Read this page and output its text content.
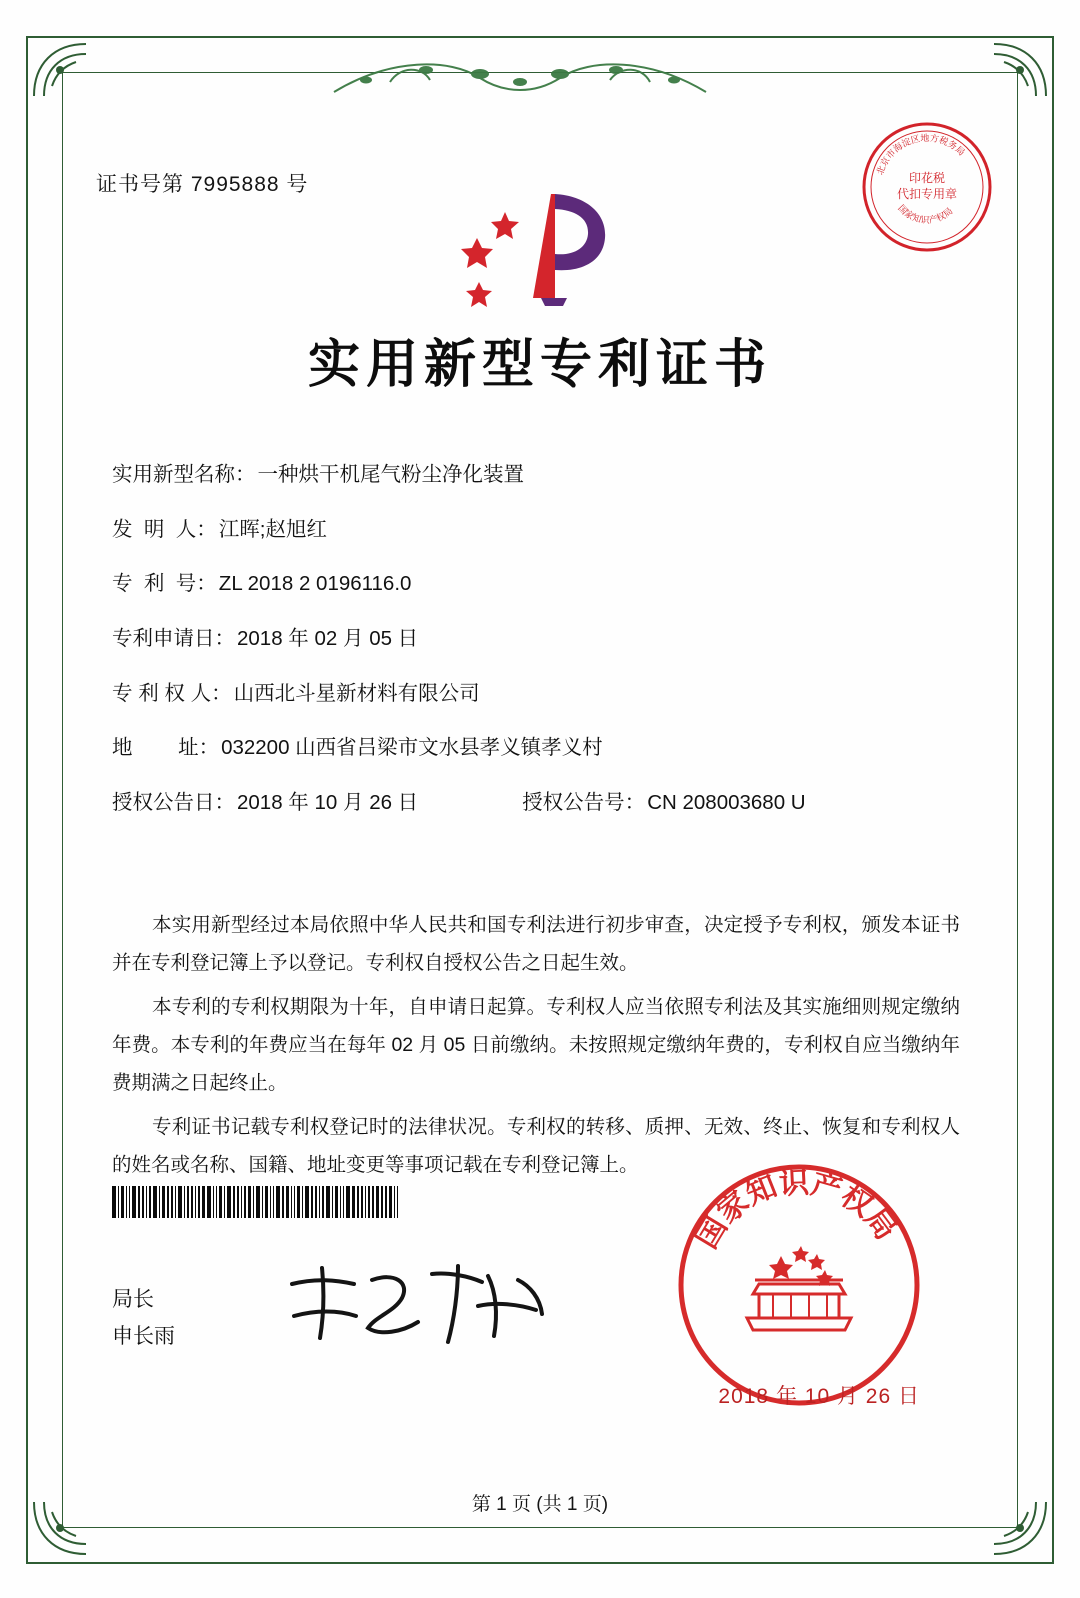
证书号第 7995888 号
北京市海淀区地方税务局
国家知识产权局
印花税
代扣专用章
实用新型专利证书
实用新型名称： 一种烘干机尾气粉尘净化装置
发  明  人： 江晖;赵旭红
专  利  号： ZL 2018 2 0196116.0
专利申请日： 2018 年 02 月 05 日
专 利 权 人： 山西北斗星新材料有限公司
地        址： 032200 山西省吕梁市文水县孝义镇孝义村
授权公告日： 2018 年 10 月 26 日	授权公告号： CN 208003680 U

本实用新型经过本局依照中华人民共和国专利法进行初步审查，决定授予专利权，颁发本证书并在专利登记簿上予以登记。专利权自授权公告之日起生效。

本专利的专利权期限为十年，自申请日起算。专利权人应当依照专利法及其实施细则规定缴纳年费。本专利的年费应当在每年 02 月 05 日前缴纳。未按照规定缴纳年费的，专利权自应当缴纳年费期满之日起终止。

专利证书记载专利权登记时的法律状况。专利权的转移、质押、无效、终止、恢复和专利权人的姓名或名称、国籍、地址变更等事项记载在专利登记簿上。

局长
申长雨
国家知识产权局
2018 年 10 月 26 日
第 1 页 (共 1 页)
